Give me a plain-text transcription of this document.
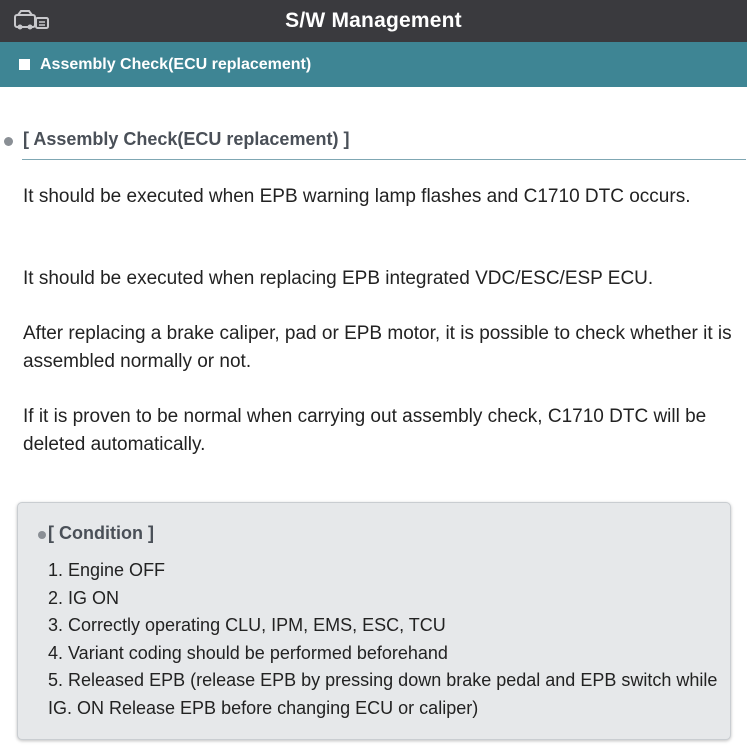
S/W Management
Assembly Check(ECU replacement)
[ Assembly Check(ECU replacement) ]
It should be executed when EPB warning lamp flashes and C1710 DTC occurs.
It should be executed when replacing EPB integrated VDC/ESC/ESP ECU.
After replacing a brake caliper, pad or EPB motor, it is possible to check whether it is assembled normally or not.
If it is proven to be normal when carrying out assembly check, C1710 DTC will be deleted automatically.
[ Condition ]
1. Engine OFF
2. IG ON
3. Correctly operating CLU, IPM, EMS, ESC, TCU
4. Variant coding should be performed beforehand
5. Released EPB (release EPB by pressing down brake pedal and EPB switch while IG. ON Release EPB before changing ECU or caliper)
